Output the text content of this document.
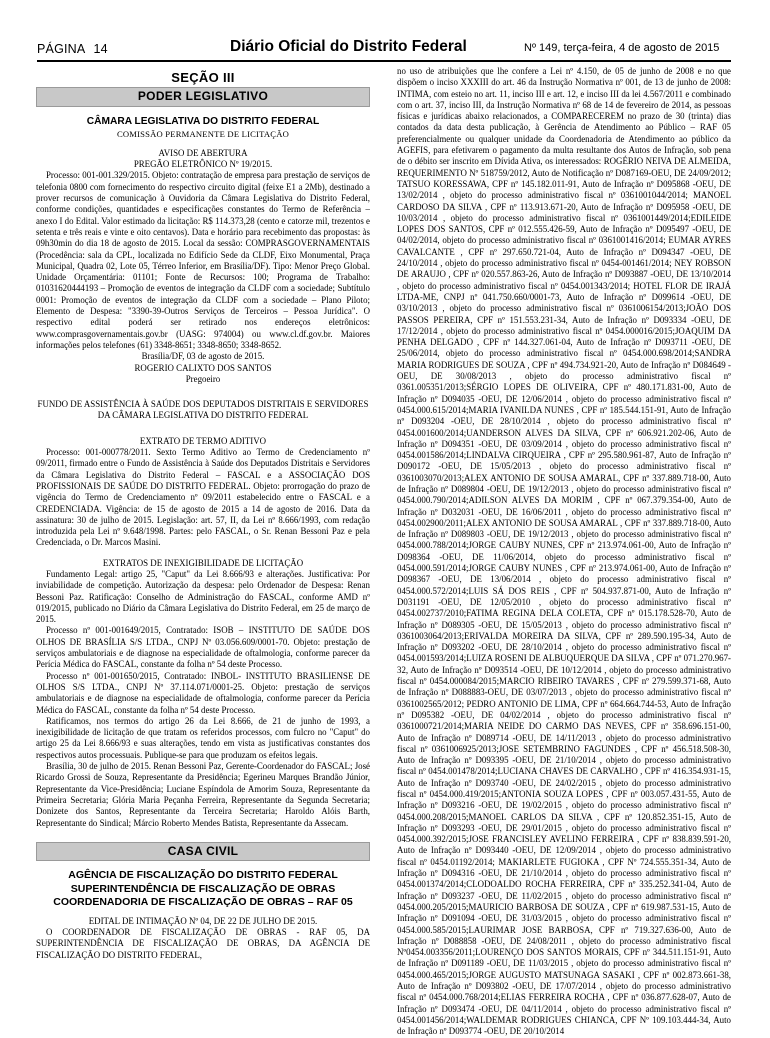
PÁGINA 14	Diário Oficial do Distrito Federal	Nº 149, terça-feira, 4 de agosto de 2015
SEÇÃO III
PODER LEGISLATIVO
CÂMARA LEGISLATIVA DO DISTRITO FEDERAL
COMISSÃO PERMANENTE DE LICITAÇÃO

AVISO DE ABERTURA

PREGÃO ELETRÔNICO Nº 19/2015.

Processo: 001-001.329/2015. Objeto: contratação de empresa para prestação de serviços de telefonia 0800 com fornecimento do respectivo circuito digital (feixe E1 a 2Mb), destinado a prover recursos de comunicação à Ouvidoria da Câmara Legislativa do Distrito Federal, conforme condições, quantidades e especificações constantes do Termo de Referência – anexo I do Edital. Valor estimado da licitação: R$ 114.373,28 (cento e catorze mil, trezentos e setenta e três reais e vinte e oito centavos). Data e horário para recebimento das propostas: às 09h30min do dia 18 de agosto de 2015. Local da sessão: COMPRASGOVERNAMENTAIS (Procedência: sala da CPL, localizada no Edifício Sede da CLDF, Eixo Monumental, Praça Municipal, Quadra 02, Lote 05, Térreo Inferior, em Brasília/DF). Tipo: Menor Preço Global. Unidade Orçamentária: 01101; Fonte de Recursos: 100; Programa de Trabalho: 01031620444193 – Promoção de eventos de integração da CLDF com a sociedade; Subtítulo 0001: Promoção de eventos de integração da CLDF com a sociedade – Plano Piloto; Elemento de Despesa: "3390-39-Outros Serviços de Terceiros – Pessoa Jurídica". O respectivo edital poderá ser retirado nos endereços eletrônicos: www.comprasgovernamentais.gov.br (UASG: 974004) ou www.cl.df.gov.br. Maiores informações pelos telefones (61) 3348-8651; 3348-8650; 3348-8652.

Brasília/DF, 03 de agosto de 2015.

ROGERIO CALIXTO DOS SANTOS

Pregoeiro

FUNDO DE ASSISTÊNCIA À SAÚDE DOS DEPUTADOS DISTRITAIS E SERVIDORES DA CÂMARA LEGISLATIVA DO DISTRITO FEDERAL

EXTRATO DE TERMO ADITIVO

Processo: 001-000778/2011. Sexto Termo Aditivo ao Termo de Credenciamento nº 09/2011, firmado entre o Fundo de Assistência à Saúde dos Deputados Distritais e Servidores da Câmara Legislativa do Distrito Federal – FASCAL e a ASSOCIAÇÃO DOS PROFISSIONAIS DE SAÚDE DO DISTRITO FEDERAL. Objeto: prorrogação do prazo de vigência do Termo de Credenciamento nº 09/2011 estabelecido entre o FASCAL e a CREDENCIADA. Vigência: de 15 de agosto de 2015 a 14 de agosto de 2016. Data da assinatura: 30 de julho de 2015. Legislação: art. 57, II, da Lei nº 8.666/1993, com redação introduzida pela Lei nº 9.648/1998. Partes: pelo FASCAL, o Sr. Renan Bessoni Paz e pela Credenciada, o Dr. Marcos Masini.

EXTRATOS DE INEXIGIBILIDADE DE LICITAÇÃO

Fundamento Legal: artigo 25, "Caput" da Lei 8.666/93 e alterações. Justificativa: Por inviabilidade de competição. Autorização da despesa: pelo Ordenador de Despesa: Renan Bessoni Paz. Ratificação: Conselho de Administração do FASCAL, conforme AMD nº 019/2015, publicado no Diário da Câmara Legislativa do Distrito Federal, em 25 de março de 2015.

Processo nº 001-001649/2015, Contratado: ISOB – INSTITUTO DE SAÚDE DOS OLHOS DE BRASÍLIA S/S LTDA., CNPJ Nº 03.056.609/0001-70. Objeto: prestação de serviços ambulatoriais e de diagnose na especialidade de oftalmologia, conforme parecer da Perícia Médica do FASCAL, constante da folha nº 54 deste Processo.

Processo nº 001-001650/2015, Contratado: INBOL- INSTITUTO BRASILIENSE DE OLHOS S/S LTDA., CNPJ Nº 37.114.071/0001-25. Objeto: prestação de serviços ambulatoriais e de diagnose na especialidade de oftalmologia, conforme parecer da Perícia Médica do FASCAL, constante da folha nº 54 deste Processo.

Ratificamos, nos termos do artigo 26 da Lei 8.666, de 21 de junho de 1993, a inexigibilidade de licitação de que tratam os referidos processos, com fulcro no "Caput" do artigo 25 da Lei 8.666/93 e suas alterações, tendo em vista as justificativas constantes dos respectivos autos processuais. Publique-se para que produzam os efeitos legais.

Brasília, 30 de julho de 2015. Renan Bessoni Paz, Gerente-Coordenador do FASCAL; José Ricardo Grossi de Souza, Representante da Presidência; Egerineu Marques Brandão Júnior, Representante da Vice-Presidência; Luciane Espíndola de Amorim Souza, Representante da Primeira Secretaria; Glória Maria Peçanha Ferreira, Representante da Segunda Secretaria; Donizete dos Santos, Representante da Terceira Secretaria; Haroldo Alóis Barth, Representante do Sindical; Márcio Roberto Mendes Batista, Representante da Assecam.

CASA CIVIL
AGÊNCIA DE FISCALIZAÇÃO DO DISTRITO FEDERAL
SUPERINTENDÊNCIA DE FISCALIZAÇÃO DE OBRAS
COORDENADORIA DE FISCALIZAÇÃO DE OBRAS – RAF 05

EDITAL DE INTIMAÇÃO Nº 04, DE 22 DE JULHO DE 2015.

O COORDENADOR DE FISCALIZAÇÃO DE OBRAS - RAF 05, DA SUPERINTENDÊNCIA DE FISCALIZAÇÃO DE OBRAS, DA AGÊNCIA DE FISCALIZAÇÃO DO DISTRITO FEDERAL,

no uso de atribuições que lhe confere a Lei nº 4.150, de 05 de junho de 2008 e no que dispõem o inciso XXXIII do art. 46 da Instrução Normativa nº 001, de 13 de junho de 2008: INTIMA, com esteio no art. 11, inciso III e art. 12, e inciso III da lei 4.567/2011 e combinado com o art. 37, inciso III, da Instrução Normativa nº 68 de 14 de fevereiro de 2014, as pessoas físicas e jurídicas abaixo relacionados, a COMPARECEREM no prazo de 30 (trinta) dias contados da data desta publicação, à Gerência de Atendimento ao Público – RAF 05 preferencialmente ou qualquer unidade da Coordenadoria de Atendimento ao público da AGEFIS, para efetivarem o pagamento da multa resultante dos Autos de Infração, sob pena de o débito ser inscrito em Dívida Ativa, os interessados: ROGÉRIO NEIVA DE ALMEIDA, REQUERIMENTO Nº 518759/2012, Auto de Notificação nº D087169-OEU, DE 24/09/2012; TATSUO KORESSAWA, CPF nº 145.182.011-91, Auto de Infração nº D095868 -OEU, DE 13/02/2014 , objeto do processo administrativo fiscal nº 0361001044/2014; MANOEL CARDOSO DA SILVA , CPF nº 113.913.671-20, Auto de Infração nº D095958 -OEU, DE 10/03/2014 , objeto do processo administrativo fiscal nº 0361001449/2014;EDILEIDE LOPES DOS SANTOS, CPF nº 012.555.426-59, Auto de Infração nº D095497 -OEU, DE 04/02/2014, objeto do processo administrativo fiscal nº 0361001416/2014; EUMAR AYRES CAVALCANTE , CPF nº 297.650.721-04, Auto de Infração nº D094347 -OEU, DE 24/10/2014 , objeto do processo administrativo fiscal nº 0454-001461/2014; NEY ROBSON DE ARAUJO , CPF nº 020.557.863-26, Auto de Infração nº D093887 -OEU, DE 13/10/2014 , objeto do processo administrativo fiscal nº 0454.001343/2014; HOTEL FLOR DE IRAJÁ LTDA-ME, CNPJ nº 041.750.660/0001-73, Auto de Infração nº D099614 -OEU, DE 03/10/2013 , objeto do processo administrativo fiscal nº 0361006154/2013;JOÃO DOS PASSOS PEREIRA, CPF nº 151.553.231-34, Auto de Infração nº D093334 -OEU, DE 17/12/2014 , objeto do processo administrativo fiscal nº 0454.000016/2015;JOAQUIM DA PENHA DELGADO , CPF nº 144.327.061-04, Auto de Infração nº D093711 -OEU, DE 25/06/2014, objeto do processo administrativo fiscal nº 0454.000.698/2014;SANDRA MARIA RODRIGUES DE SOUZA , CPF nº 494.734.921-20, Auto de Infração nº D084649 -OEU, DE 30/08/2013 , objeto do processo administrativo fiscal nº 0361.005351/2013;SÉRGIO LOPES DE OLIVEIRA, CPF nº 480.171.831-00, Auto de Infração nº D094035 -OEU, DE 12/06/2014 , objeto do processo administrativo fiscal nº 0454.000.615/2014;MARIA IVANILDA NUNES , CPF nº 185.544.151-91, Auto de Infração nº D093204 -OEU, DE 28/10/2014 , objeto do processo administrativo fiscal nº 0454.001600/2014;UANDERSON ALVES DA SILVA, CPF nº 606.921.202-06, Auto de Infração nº D094351 -OEU, DE 03/09/2014 , objeto do processo administrativo fiscal nº 0454.001586/2014;LINDALVA CIRQUEIRA , CPF nº 295.580.961-87, Auto de Infração nº D090172 -OEU, DE 15/05/2013 , objeto do processo administrativo fiscal nº 0361003070/2013;ALEX ANTONIO DE SOUSA AMARAL, CPF nº 337.889.718-00, Auto de Infração nº D089804 -OEU, DE 19/12/2013 , objeto do processo administrativo fiscal nº 0454.000.790/2014;ADILSON ALVES DA MORIM , CPF nº 067.379.354-00, Auto de Infração nº D032031 -OEU, DE 16/06/2011 , objeto do processo administrativo fiscal nº 0454.002900/2011;ALEX ANTONIO DE SOUSA AMARAL , CPF nº 337.889.718-00, Auto de Infração nº D089803 -OEU, DE 19/12/2013 , objeto do processo administrativo fiscal nº 0454.000.788/2014;JORGE CAUBY NUNES, CPF nº 213.974.061-00, Auto de Infração nº D098364 -OEU, DE 11/06/2014, objeto do processo administrativo fiscal nº 0454.000.591/2014;JORGE CAUBY NUNES , CPF nº 213.974.061-00, Auto de Infração nº D098367 -OEU, DE 13/06/2014 , objeto do processo administrativo fiscal nº 0454.000.572/2014;LUIS SÁ DOS REIS , CPF nº 504.937.871-00, Auto de Infração nº D031191 -OEU, DE 12/05/2010 , objeto do processo administrativo fiscal nº 0454.002737/2010;FATIMA REGINA DELA COLETA, CPF nº 015.178.528-70, Auto de Infração nº D089305 -OEU, DE 15/05/2013 , objeto do processo administrativo fiscal nº 0361003064/2013;ERIVALDA MOREIRA DA SILVA, CPF nº 289.590.195-34, Auto de Infração nº D093202 -OEU, DE 28/10/2014 , objeto do processo administrativo fiscal nº 0454.001593/2014;LUIZA ROSENI DE ALBUQUERQUE DA SILVA , CPF nº 071.270.967-32, Auto de Infração nº D093514 -OEU, DE 10/12/2014 , objeto do processo administrativo fiscal nº 0454.000084/2015;MARCIO RIBEIRO TAVARES , CPF nº 279.599.371-68, Auto de Infração nº D088883-OEU, DE 03/07/2013 , objeto do processo administrativo fiscal nº 0361002565/2012; PEDRO ANTONIO DE LIMA, CPF nº 664.664.744-53, Auto de Infração nº D095382 -OEU, DE 04/02/2014 , objeto do processo administrativo fiscal nº 0361000721/2014;MARIA NEIDE DO CARMO DAS NEVES, CPF nº 358.696.151-00, Auto de Infração nº D089714 -OEU, DE 14/11/2013 , objeto do processo administrativo fiscal nº 0361006925/2013;JOSE SETEMBRINO FAGUNDES , CPF nº 456.518.508-30, Auto de Infração nº D093395 -OEU, DE 21/10/2014 , objeto do processo administrativo fiscal nº 0454.001478/2014;LUCIANA CHAVES DE CARVALHO , CPF nº 416.354.931-15, Auto de Infração nº D093740 -OEU, DE 24/02/2015 , objeto do processo administrativo fiscal nº 0454.000.419/2015;ANTONIA SOUZA LOPES , CPF nº 003.057.431-55, Auto de Infração nº D093216 -OEU, DE 19/02/2015 , objeto do processo administrativo fiscal nº 0454.000.208/2015;MANOEL CARLOS DA SILVA , CPF nº 120.852.351-15, Auto de Infração nº D093293 -OEU, DE 29/01/2015 , objeto do processo administrativo fiscal nº 0454.000.392/2015;JOSE FRANCISLEY AVELINO FERREIRA , CPF nº 838.839.591-20, Auto de Infração nº D093440 -OEU, DE 12/09/2014 , objeto do processo administrativo fiscal nº 0454.01192/2014; MAKIARLETE FUGIOKA , CPF Nº 724.555.351-34, Auto de Infração nº D094316 -OEU, DE 21/10/2014 , objeto do processo administrativo fiscal nº 0454.001374/2014;CLODOALDO ROCHA FERREIRA, CPF nº 335.252.341-04, Auto de Infração nº D093237 -OEU, DE 11/02/2015 , objeto do processo administrativo fiscal nº 0454.000.205/2015;MAURICIO BARBOSA DE SOUZA , CPF nº 619.987.531-15, Auto de Infração nº D091094 -OEU, DE 31/03/2015 , objeto do processo administrativo fiscal nº 0454.000.585/2015;LAURIMAR JOSE BARBOSA, CPF nº 719.327.636-00, Auto de Infração nº D088858 -OEU, DE 24/08/2011 , objeto do processo administrativo fiscal Nº0454.003356/2011;LOURENÇO DOS SANTOS MORAIS, CPF nº 344.511.151-91, Auto de Infração nº D091189 -OEU, DE 11/03/2015 , objeto do processo administrativo fiscal nº 0454.000.465/2015;JORGE AUGUSTO MATSUNAGA SASAKI , CPF nº 002.873.661-38, Auto de Infração nº D093802 -OEU, DE 17/07/2014 , objeto do processo administrativo fiscal nº 0454.000.768/2014;ELIAS FERREIRA ROCHA , CPF nº 036.877.628-07, Auto de Infração nº D093474 -OEU, DE 04/11/2014 , objeto do processo administrativo fiscal nº 0454.001456/2014;WALDEMAR RODRIGUES CHIANCA, CPF Nº 109.103.444-34, Auto de Infração nº D093774 -OEU, DE 20/10/2014
